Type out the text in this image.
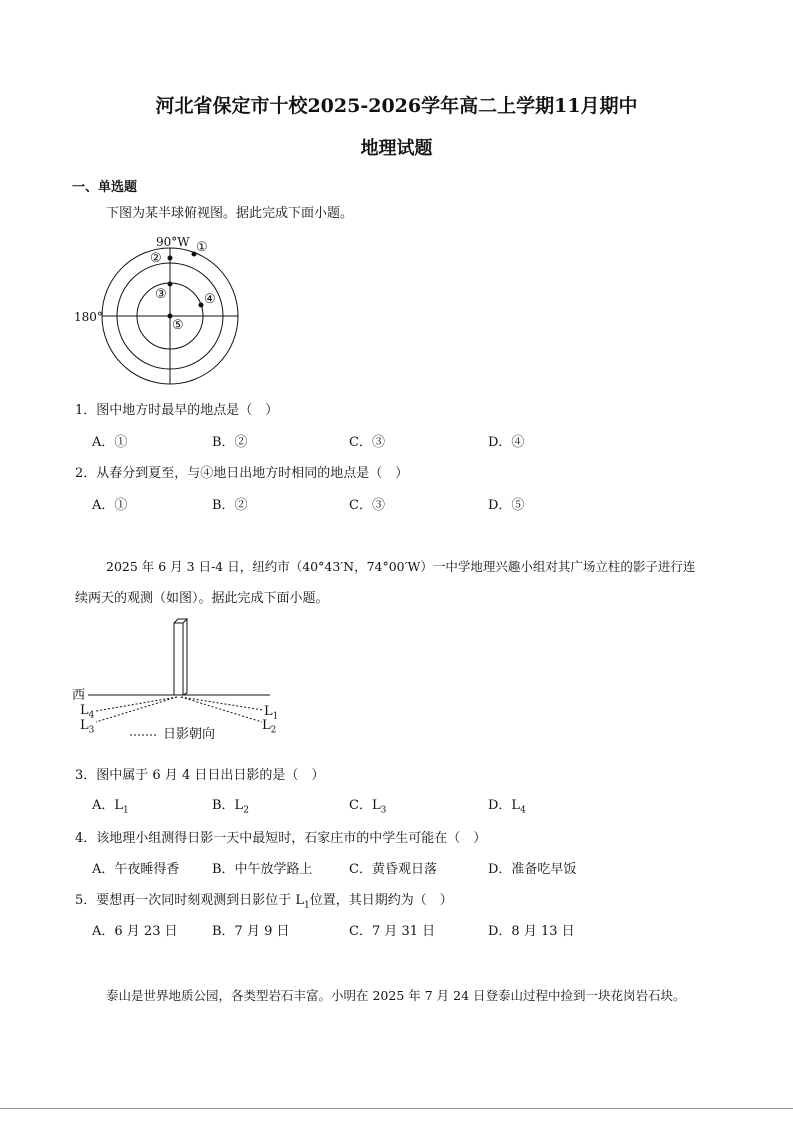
河北省保定市十校2025-2026学年高二上学期11月期中
地理试题
一、单选题
下图为某半球俯视图。据此完成下面小题。
90°W
180°
①
②
③	④
⑤
1．图中地方时最早的地点是（　）
A．①	B．②	C．③	D．④
2．从春分到夏至，与④地日出地方时相同的地点是（　）
A．①	B．②	C．③	D．⑤
2025 年 6 月 3 日-4 日，纽约市（40°43′N，74°00′W）一中学地理兴趣小组对其广场立柱的影子进行连
续两天的观测（如图）。据此完成下面小题。
西
$L_4$
$L_3$
$L_1$
$L_2$
日影朝向
3．图中属于 6 月 4 日日出日影的是（　）
A．$L_1$	B．$L_2$	C．$L_3$	D．$L_4$
4．该地理小组测得日影一天中最短时，石家庄市的中学生可能在（　）
A．午夜睡得香	B．中午放学路上	C．黄昏观日落	D．准备吃早饭
5．要想再一次同时刻观测到日影位于 $L_1$位置，其日期约为（　）
A．6 月 23 日	B．7 月 9 日	C．7 月 31 日	D．8 月 13 日
泰山是世界地质公园，各类型岩石丰富。小明在 2025 年 7 月 24 日登泰山过程中捡到一块花岗岩石块。
